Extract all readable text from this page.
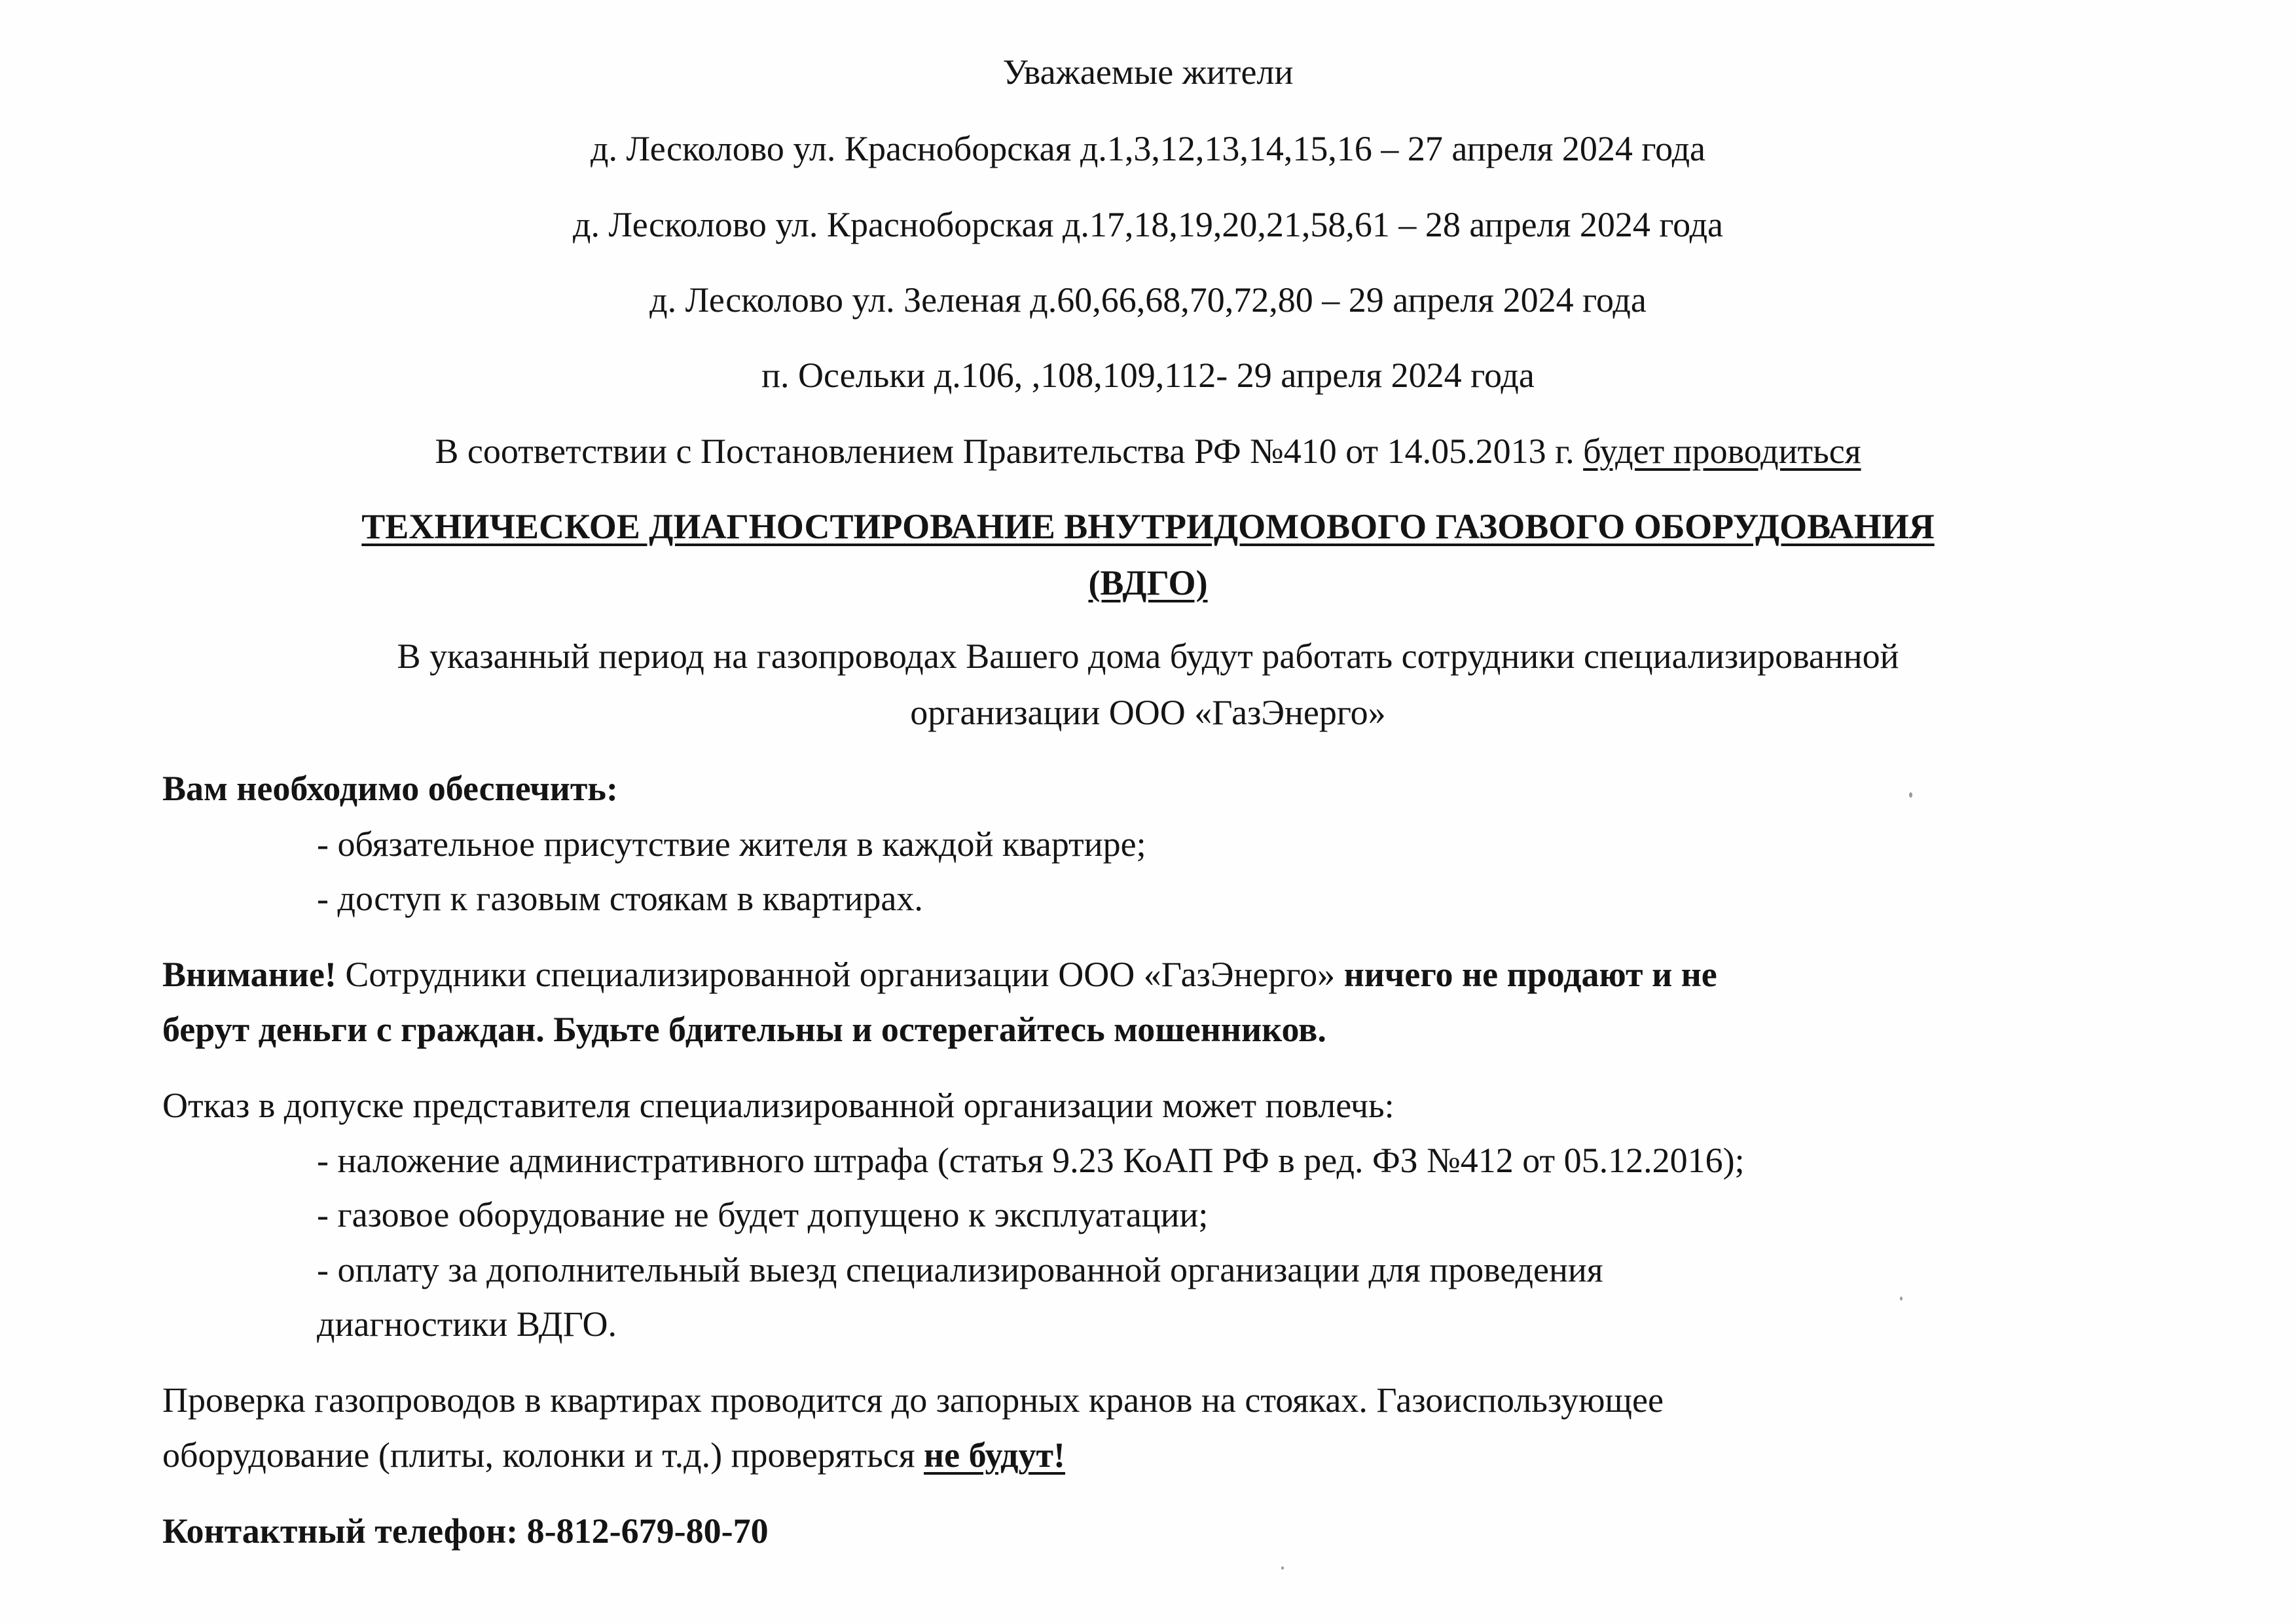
Уважаемые жители
д. Лесколово ул. Красноборская д.1,3,12,13,14,15,16 – 27 апреля 2024 года
д. Лесколово ул. Красноборская д.17,18,19,20,21,58,61 – 28 апреля 2024 года
д. Лесколово ул. Зеленая д.60,66,68,70,72,80 – 29 апреля 2024 года
п. Осельки д.106, ,108,109,112- 29 апреля 2024 года
В соответствии с Постановлением Правительства РФ №410 от 14.05.2013 г. будет проводиться
ТЕХНИЧЕСКОЕ ДИАГНОСТИРОВАНИЕ ВНУТРИДОМОВОГО ГАЗОВОГО ОБОРУДОВАНИЯ
(ВДГО)
В указанный период на газопроводах Вашего дома будут работать сотрудники специализированной
организации ООО «ГазЭнерго»
Вам необходимо обеспечить:
- обязательное присутствие жителя в каждой квартире;
- доступ к газовым стоякам в квартирах.
Внимание! Сотрудники специализированной организации ООО «ГазЭнерго» ничего не продают и не
берут деньги с граждан. Будьте бдительны и остерегайтесь мошенников.
Отказ в допуске представителя специализированной организации может повлечь:
- наложение административного штрафа (статья 9.23 КоАП РФ в ред. ФЗ №412 от 05.12.2016);
- газовое оборудование не будет допущено к эксплуатации;
- оплату за дополнительный выезд специализированной организации для проведения
диагностики ВДГО.
Проверка газопроводов в квартирах проводится до запорных кранов на стояках. Газоиспользующее
оборудование (плиты, колонки и т.д.) проверяться не будут!
Контактный телефон: 8-812-679-80-70
